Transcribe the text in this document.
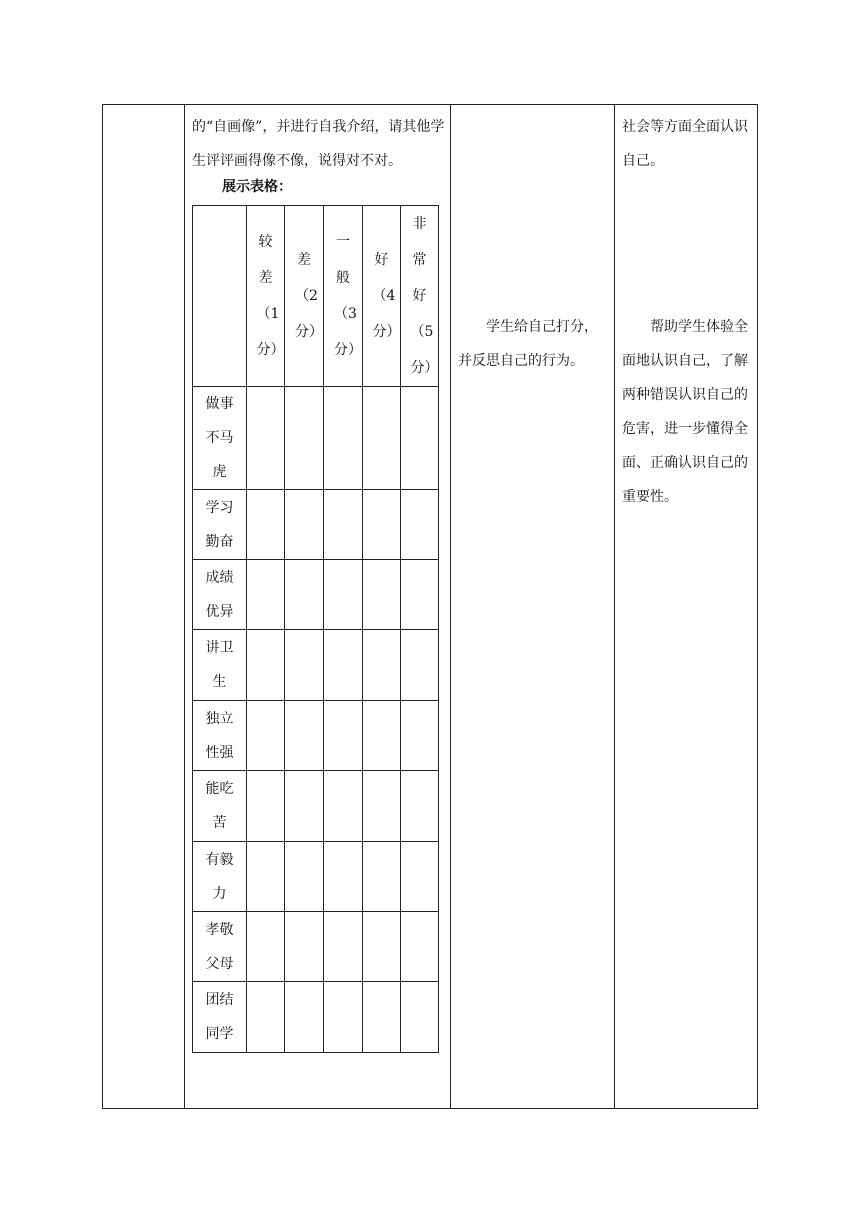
的“自画像”，并进行自我介绍，请其他学生评评画得像不像，说得对不对。
展示表格：
	较差（1分）	差（2分）	一般（3分）	好（4分）	非常好（5分）

做事不马虎					

学习勤奋					

成绩优异					

讲卫生					

独立性强					

能吃苦					

有毅力					

孝敬父母					

团结同学					

学生给自己打分，并反思自己的行为。
社会等方面全面认识自己。
帮助学生体验全面地认识自己，了解两种错误认识自己的危害，进一步懂得全面、正确认识自己的重要性。
